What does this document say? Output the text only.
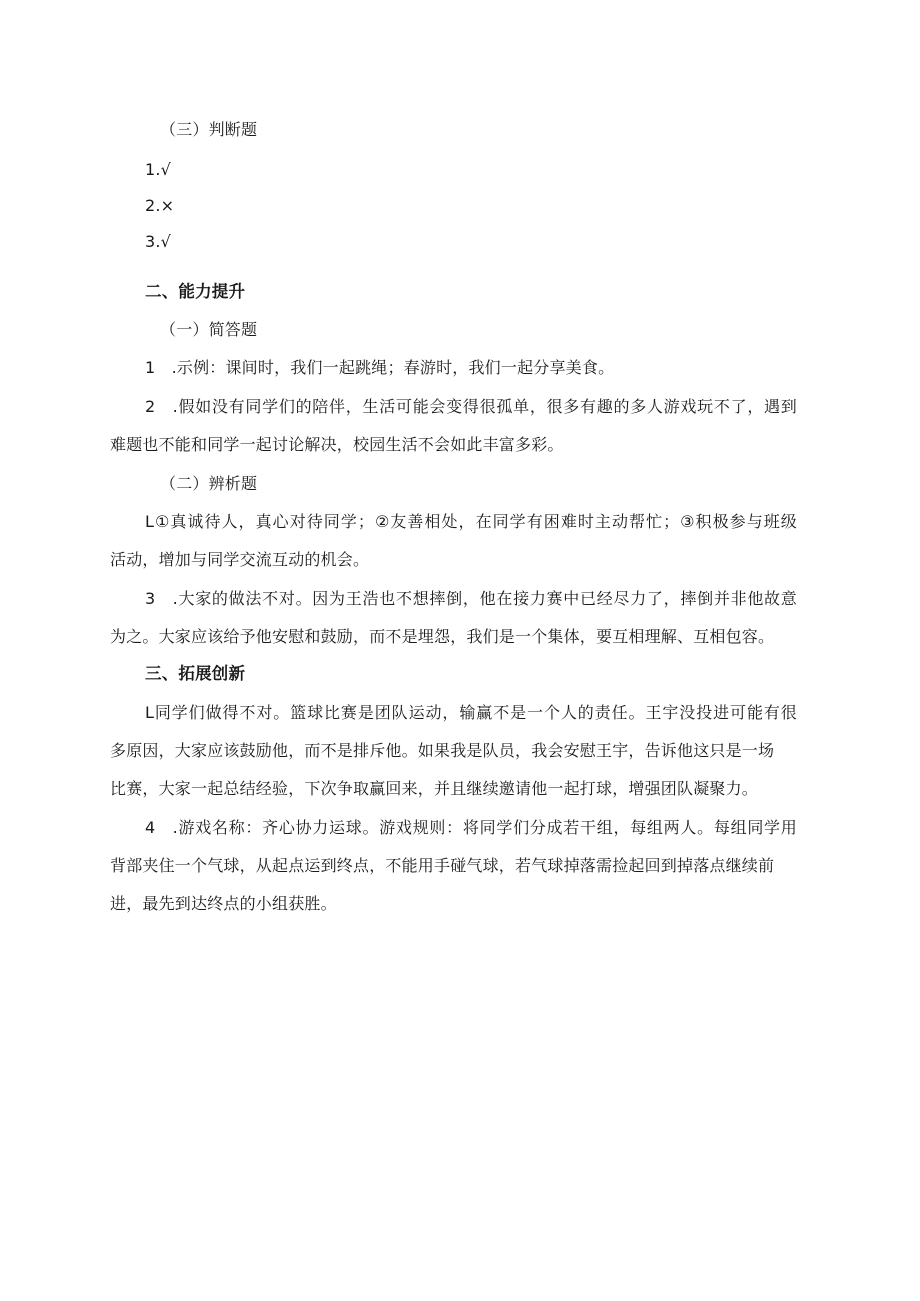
（三）判断题
1.√
2.×
3.√
二、能力提升
（一）简答题
1　.示例：课间时，我们一起跳绳；春游时，我们一起分享美食。
2　.假如没有同学们的陪伴，生活可能会变得很孤单，很多有趣的多人游戏玩不了，遇到
难题也不能和同学一起讨论解决，校园生活不会如此丰富多彩。
（二）辨析题
L①真诚待人，真心对待同学；②友善相处，在同学有困难时主动帮忙；③积极参与班级
活动，增加与同学交流互动的机会。
3　.大家的做法不对。因为王浩也不想摔倒，他在接力赛中已经尽力了，摔倒并非他故意
为之。大家应该给予他安慰和鼓励，而不是埋怨，我们是一个集体，要互相理解、互相包容。
三、拓展创新
L同学们做得不对。篮球比赛是团队运动，输赢不是一个人的责任。王宇没投进可能有很
多原因，大家应该鼓励他，而不是排斥他。如果我是队员，我会安慰王宇，告诉他这只是一场
比赛，大家一起总结经验，下次争取赢回来，并且继续邀请他一起打球，增强团队凝聚力。
4　.游戏名称：齐心协力运球。游戏规则：将同学们分成若干组，每组两人。每组同学用
背部夹住一个气球，从起点运到终点，不能用手碰气球，若气球掉落需捡起回到掉落点继续前
进，最先到达终点的小组获胜。
